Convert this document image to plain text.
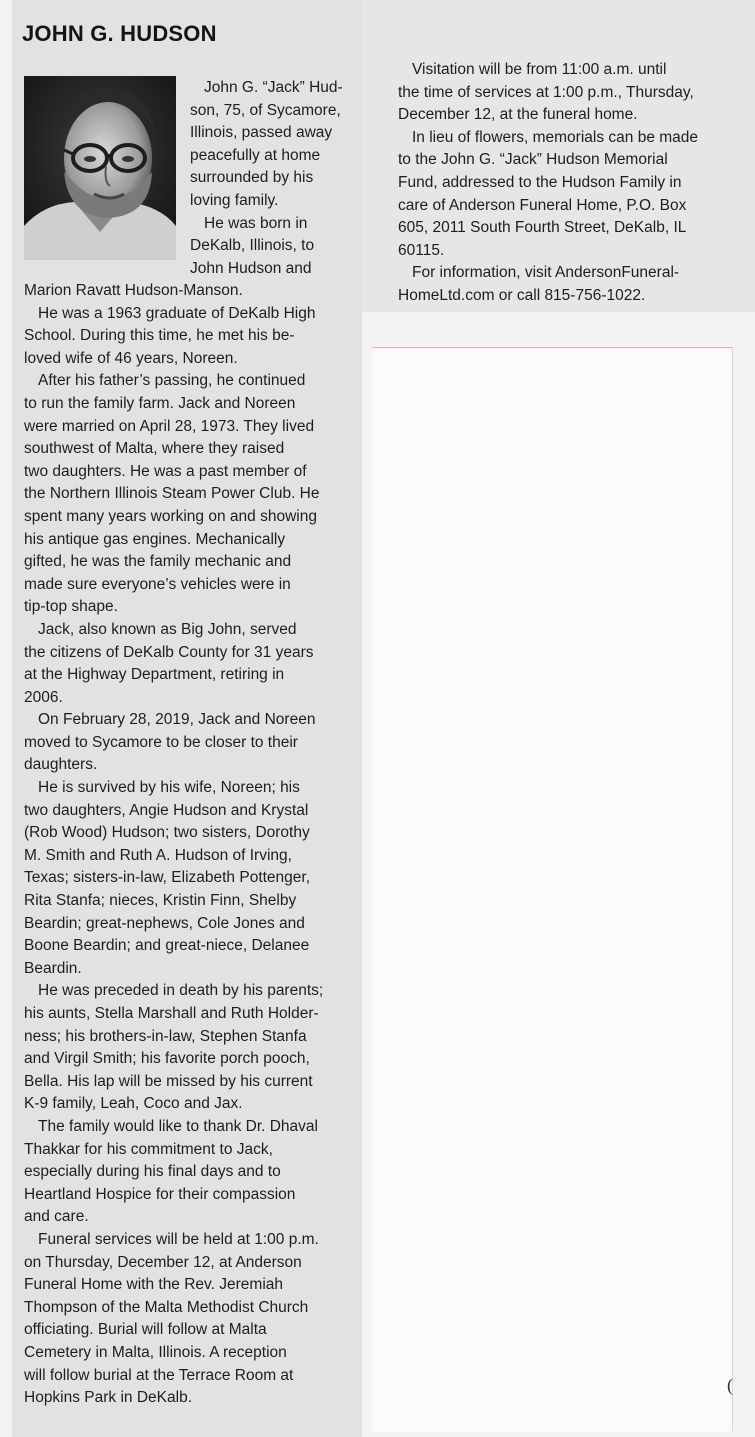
JOHN G. HUDSON
John G. “Jack” Hud-
son, 75, of Sycamore,
Illinois, passed away
peacefully at home
surrounded by his
loving family.
He was born in
DeKalb, Illinois, to
John Hudson and
Marion Ravatt Hudson-Manson.
He was a 1963 graduate of DeKalb High
School. During this time, he met his be-
loved wife of 46 years, Noreen.
After his father’s passing, he continued
to run the family farm. Jack and Noreen
were married on April 28, 1973. They lived
southwest of Malta, where they raised
two daughters. He was a past member of
the Northern Illinois Steam Power Club. He
spent many years working on and showing
his antique gas engines. Mechanically
gifted, he was the family mechanic and
made sure everyone’s vehicles were in
tip-top shape.
Jack, also known as Big John, served
the citizens of DeKalb County for 31 years
at the Highway Department, retiring in
2006.
On February 28, 2019, Jack and Noreen
moved to Sycamore to be closer to their
daughters.
He is survived by his wife, Noreen; his
two daughters, Angie Hudson and Krystal
(Rob Wood) Hudson; two sisters, Dorothy
M. Smith and Ruth A. Hudson of Irving,
Texas; sisters-in-law, Elizabeth Pottenger,
Rita Stanfa; nieces, Kristin Finn, Shelby
Beardin; great-nephews, Cole Jones and
Boone Beardin; and great-niece, Delanee
Beardin.
He was preceded in death by his parents;
his aunts, Stella Marshall and Ruth Holder-
ness; his brothers-in-law, Stephen Stanfa
and Virgil Smith; his favorite porch pooch,
Bella. His lap will be missed by his current
K-9 family, Leah, Coco and Jax.
The family would like to thank Dr. Dhaval
Thakkar for his commitment to Jack,
especially during his final days and to
Heartland Hospice for their compassion
and care.
Funeral services will be held at 1:00 p.m.
on Thursday, December 12, at Anderson
Funeral Home with the Rev. Jeremiah
Thompson of the Malta Methodist Church
officiating. Burial will follow at Malta
Cemetery in Malta, Illinois. A reception
will follow burial at the Terrace Room at
Hopkins Park in DeKalb.
Visitation will be from 11:00 a.m. until
the time of services at 1:00 p.m., Thursday,
December 12, at the funeral home.
In lieu of flowers, memorials can be made
to the John G. “Jack” Hudson Memorial
Fund, addressed to the Hudson Family in
care of Anderson Funeral Home, P.O. Box
605, 2011 South Fourth Street, DeKalb, IL
60115.
For information, visit AndersonFuneral-
HomeLtd.com or call 815-756-1022.
(
